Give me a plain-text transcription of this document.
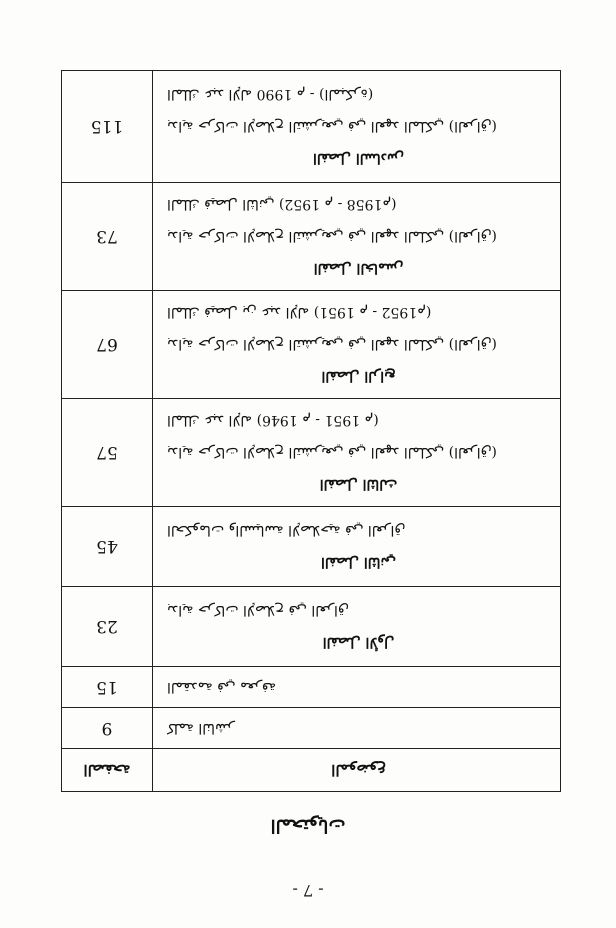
- 7 -
المحتويات
الموضوع	الصفحة

كلمة الناشر	9

المقدمة في معرفة	15

الفصل الأول
بداية حركات الإصلاح في العراق	23

الفصل الثاني
الحكومات والسياسة الإصلاحية في العراق	45

الفصل الثالث
بداية حركات الإصلاح التشريعي في العهد الملكي (العراق)
الملك عبد الإله (1946 م - 1951 م)	57

الفصل الرابع
بداية حركات الإصلاح التشريعي في العهد الملكي (العراق)
الملك فيصل بن عبد الإله (1951 م - 1952م)	67

الفصل الخامس
بداية حركات الإصلاح التشريعي في العهد الملكي (العراق)
الملك فيصل الثاني (1952 م - 1958م)	73

الفصل السادس
بداية حركات الإصلاح التشريعي في العهد الملكي (العراق)
الملك عبد الإله 1990 م - (المبكرة)	115
